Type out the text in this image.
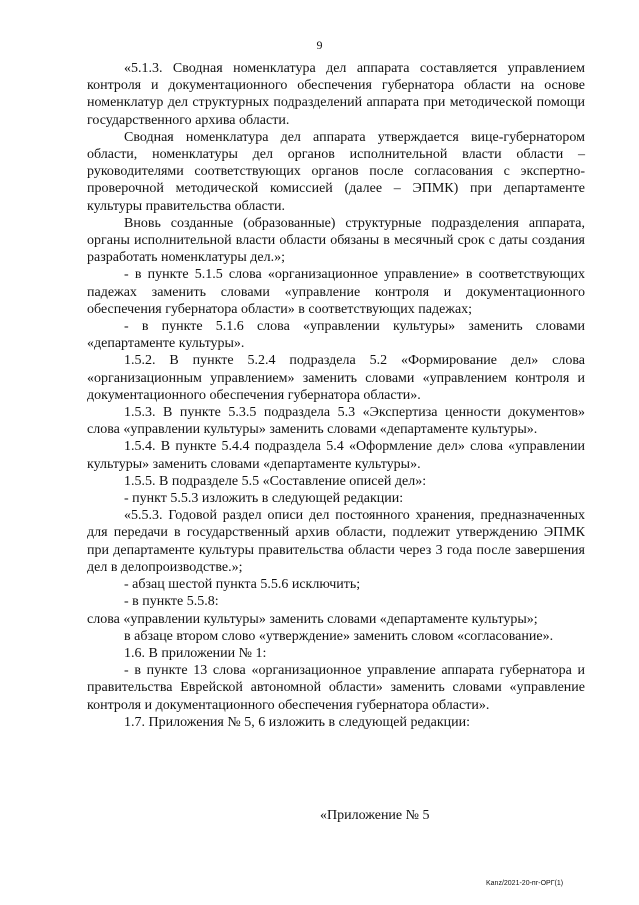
9

«5.1.3. Сводная номенклатура дел аппарата составляется управлением контроля и документационного обеспечения губернатора области на основе номенклатур дел структурных подразделений аппарата при методической помощи государственного архива области.

Сводная номенклатура дел аппарата утверждается вице-губернатором области, номенклатуры дел органов исполнительной власти области – руководителями соответствующих органов после согласования с экспертно-проверочной методической комиссией (далее – ЭПМК) при департаменте культуры правительства области.

Вновь созданные (образованные) структурные подразделения аппарата, органы исполнительной власти области обязаны в месячный срок с даты создания разработать номенклатуры дел.»;

- в пункте 5.1.5 слова «организационное управление» в соответствующих падежах заменить словами «управление контроля и документационного обеспечения губернатора области» в соответствующих падежах;

- в пункте 5.1.6 слова «управлении культуры» заменить словами «департаменте культуры».

1.5.2. В пункте 5.2.4 подраздела 5.2 «Формирование дел» слова «организационным управлением» заменить словами «управлением контроля и документационного обеспечения губернатора области».

1.5.3. В пункте 5.3.5 подраздела 5.3 «Экспертиза ценности документов» слова «управлении культуры» заменить словами «департаменте культуры».

1.5.4. В пункте 5.4.4 подраздела 5.4 «Оформление дел» слова «управлении культуры» заменить словами «департаменте культуры».

1.5.5. В подразделе 5.5 «Составление описей дел»:

- пункт 5.5.3 изложить в следующей редакции:

«5.5.3. Годовой раздел описи дел постоянного хранения, предназначенных для передачи в государственный архив области, подлежит утверждению ЭПМК при департаменте культуры правительства области через 3 года после завершения дел в делопроизводстве.»;

- абзац шестой пункта 5.5.6 исключить;

- в пункте 5.5.8:

слова «управлении культуры» заменить словами «департаменте культуры»;

в абзаце втором слово «утверждение» заменить словом «согласование».

1.6. В приложении № 1:

- в пункте 13 слова «организационное управление аппарата губернатора и правительства Еврейской автономной области» заменить словами «управление контроля и документационного обеспечения губернатора области».

1.7. Приложения № 5, 6 изложить в следующей редакции:

«Приложение № 5
Kanz/2021-20-пг-ОРГ(1)
